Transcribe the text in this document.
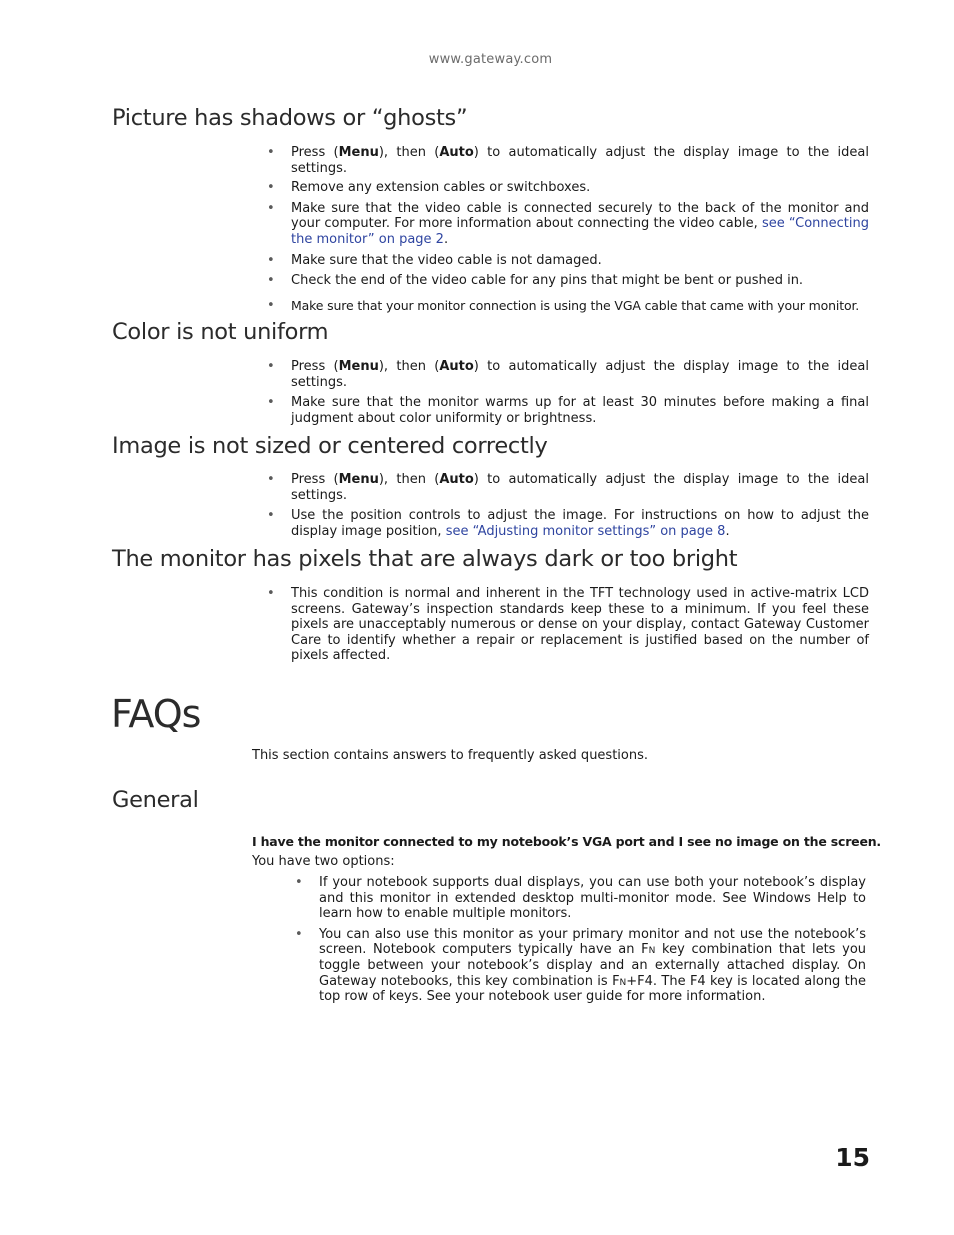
www.gateway.com
Picture has shadows or “ghosts”
• Press (Menu), then (Auto) to automatically adjust the display image to the ideal settings.
• Remove any extension cables or switchboxes.
• Make sure that the video cable is connected securely to the back of the monitor and your computer. For more information about connecting the video cable, see “Connecting the monitor” on page 2.
• Make sure that the video cable is not damaged.
• Check the end of the video cable for any pins that might be bent or pushed in.
• Make sure that your monitor connection is using the VGA cable that came with your monitor.
Color is not uniform
• Press (Menu), then (Auto) to automatically adjust the display image to the ideal settings.
• Make sure that the monitor warms up for at least 30 minutes before making a final judgment about color uniformity or brightness.
Image is not sized or centered correctly
• Press (Menu), then (Auto) to automatically adjust the display image to the ideal settings.
• Use the position controls to adjust the image. For instructions on how to adjust the display image position, see “Adjusting monitor settings” on page 8.
The monitor has pixels that are always dark or too bright
• This condition is normal and inherent in the TFT technology used in active-matrix LCD screens. Gateway’s inspection standards keep these to a minimum. If you feel these pixels are unacceptably numerous or dense on your display, contact Gateway Customer Care to identify whether a repair or replacement is justified based on the number of pixels affected.
FAQs

This section contains answers to frequently asked questions.

General

I have the monitor connected to my notebook’s VGA port and I see no image on the screen.

You have two options:

• If your notebook supports dual displays, you can use both your notebook’s display and this monitor in extended desktop multi-monitor mode. See Windows Help to learn how to enable multiple monitors.
• You can also use this monitor as your primary monitor and not use the notebook’s screen. Notebook computers typically have an Fn key combination that lets you toggle between your notebook’s display and an externally attached display. On Gateway notebooks, this key combination is Fn+F4. The F4 key is located along the top row of keys. See your notebook user guide for more information.
15
